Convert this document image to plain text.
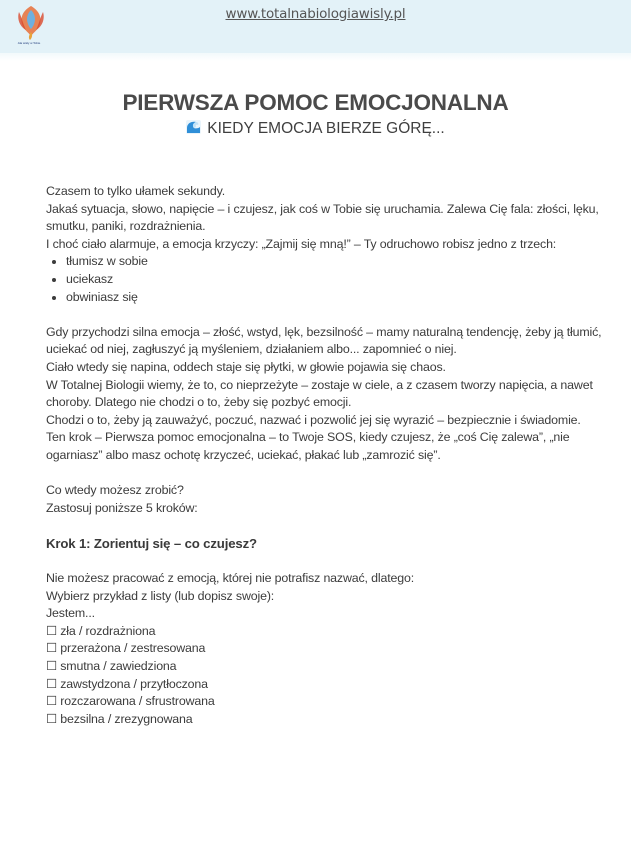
Ala wisły w Tobie
www.totalnabiologiawisly.pl
PIERWSZA POMOC EMOCJONALNA
KIEDY EMOCJA BIERZE GÓRĘ...

Czasem to tylko ułamek sekundy.

Jakaś sytuacja, słowo, napięcie – i czujesz, jak coś w Tobie się uruchamia. Zalewa Cię fala: złości, lęku, smutku, paniki, rozdrażnienia.

I choć ciało alarmuje, a emocja krzyczy: „Zajmij się mną!” – Ty odruchowo robisz jedno z trzech:

• tłumisz w sobie
• uciekasz
• obwiniasz się

Gdy przychodzi silna emocja – złość, wstyd, lęk, bezsilność – mamy naturalną tendencję, żeby ją tłumić, uciekać od niej, zagłuszyć ją myśleniem, działaniem albo... zapomnieć o niej.

Ciało wtedy się napina, oddech staje się płytki, w głowie pojawia się chaos.

W Totalnej Biologii wiemy, że to, co nieprzeżyte – zostaje w ciele, a z czasem tworzy napięcia, a nawet choroby. Dlatego nie chodzi o to, żeby się pozbyć emocji.

Chodzi o to, żeby ją zauważyć, poczuć, nazwać i pozwolić jej się wyrazić – bezpiecznie i świadomie.

Ten krok – Pierwsza pomoc emocjonalna – to Twoje SOS, kiedy czujesz, że „coś Cię zalewa”, „nie ogarniasz” albo masz ochotę krzyczeć, uciekać, płakać lub „zamrozić się”.

Co wtedy możesz zrobić?

Zastosuj poniższe 5 kroków:

Krok 1: Zorientuj się – co czujesz?

Nie możesz pracować z emocją, której nie potrafisz nazwać, dlatego:

Wybierz przykład z listy (lub dopisz swoje):

Jestem...

☐ zła / rozdrażniona

☐ przerażona / zestresowana

☐ smutna / zawiedziona

☐ zawstydzona / przytłoczona

☐ rozczarowana / sfrustrowana

☐ bezsilna / zrezygnowana
